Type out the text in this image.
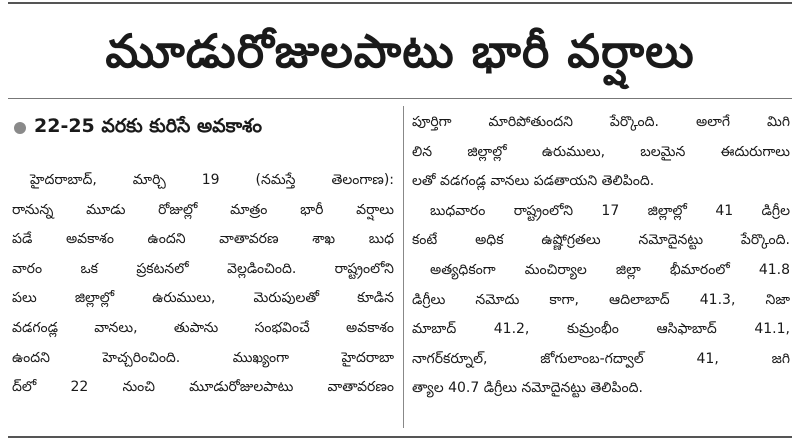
మూడురోజులపాటు భారీ వర్షాలు
22-25 వరకు కురిసే అవకాశం
హైదరాబాద్, మార్చి 19 (నమస్తే తెలంగాణ):
రానున్న మూడు రోజుల్లో మాత్రం భారీ వర్షాలు
పడే అవకాశం ఉందని వాతావరణ శాఖ బుధ
వారం ఒక ప్రకటనలో వెల్లడించింది. రాష్ట్రంలోని
పలు జిల్లాల్లో ఉరుములు, మెరుపులతో కూడిన
వడగండ్ల వానలు, తుపాను సంభవించే అవకాశం
ఉందని హెచ్చరించింది. ముఖ్యంగా హైదరాబా
ద్‌లో 22 నుంచి మూడురోజులపాటు వాతావరణం
పూర్తిగా మారిపోతుందని పేర్కొంది. అలాగే మిగి
లిన జిల్లాల్లో ఉరుములు, బలమైన ఈదురుగాలు
లతో వడగండ్ల వానలు పడతాయని తెలిపింది.
బుధవారం రాష్ట్రంలోని 17 జిల్లాల్లో 41 డిగ్రీల
కంటే అధిక ఉష్ణోగ్రతలు నమోదైనట్టు పేర్కొంది.
అత్యధికంగా మంచిర్యాల జిల్లా భీమారంలో 41.8
డిగ్రీలు నమోదు కాగా, ఆదిలాబాద్ 41.3, నిజా
మాబాద్ 41.2, కుమ్రంభీం ఆసిఫాబాద్ 41.1,
నాగర్‌కర్నూల్, జోగులాంబ-గద్వాల్ 41, జగి
త్యాల 40.7 డిగ్రీలు నమోదైనట్టు తెలిపింది.
